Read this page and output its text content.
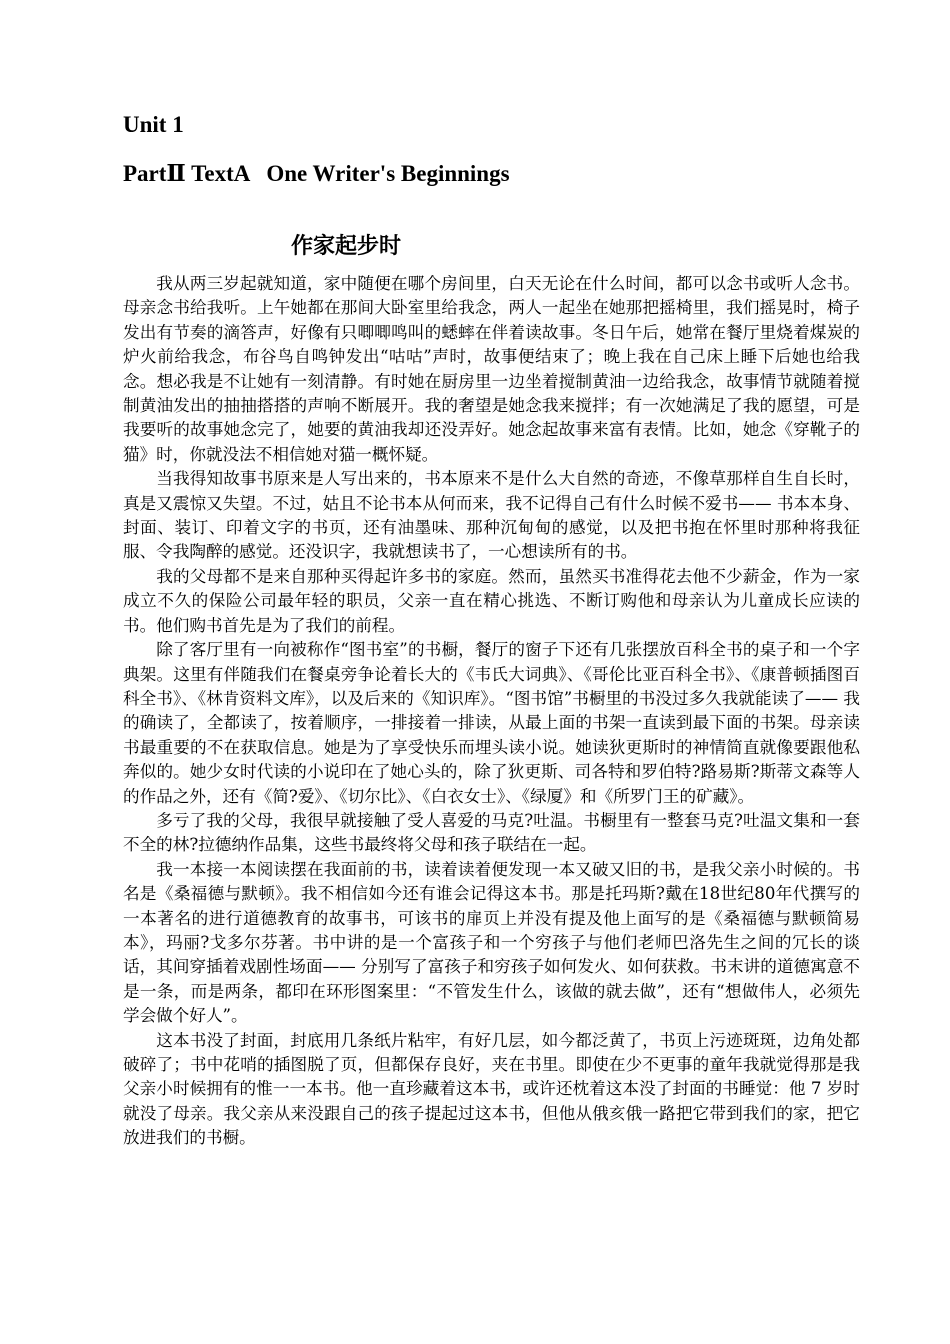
Unit 1
PartⅡ TextA   One Writer's Beginnings
作家起步时

我从两三岁起就知道，家中随便在哪个房间里，白天无论在什么时间，都可以念书或听人念书。母亲念书给我听。上午她都在那间大卧室里给我念，两人一起坐在她那把摇椅里，我们摇晃时，椅子发出有节奏的滴答声，好像有只唧唧鸣叫的蟋蟀在伴着读故事。冬日午后，她常在餐厅里烧着煤炭的炉火前给我念，布谷鸟自鸣钟发出“咕咕”声时，故事便结束了；晚上我在自己床上睡下后她也给我念。想必我是不让她有一刻清静。有时她在厨房里一边坐着搅制黄油一边给我念，故事情节就随着搅制黄油发出的抽抽搭搭的声响不断展开。我的奢望是她念我来搅拌；有一次她满足了我的愿望，可是我要听的故事她念完了，她要的黄油我却还没弄好。她念起故事来富有表情。比如，她念《穿靴子的猫》时，你就没法不相信她对猫一概怀疑。

当我得知故事书原来是人写出来的，书本原来不是什么大自然的奇迹，不像草那样自生自长时，真是又震惊又失望。不过，姑且不论书本从何而来，我不记得自己有什么时候不爱书—— 书本本身、封面、装订、印着文字的书页，还有油墨味、那种沉甸甸的感觉，以及把书抱在怀里时那种将我征服、令我陶醉的感觉。还没识字，我就想读书了，一心想读所有的书。

我的父母都不是来自那种买得起许多书的家庭。然而，虽然买书准得花去他不少薪金，作为一家成立不久的保险公司最年轻的职员，父亲一直在精心挑选、不断订购他和母亲认为儿童成长应读的书。他们购书首先是为了我们的前程。

除了客厅里有一向被称作“图书室”的书橱，餐厅的窗子下还有几张摆放百科全书的桌子和一个字典架。这里有伴随我们在餐桌旁争论着长大的《韦氏大词典》、《哥伦比亚百科全书》、《康普顿插图百科全书》、《林肯资料文库》，以及后来的《知识库》。“图书馆”书橱里的书没过多久我就能读了—— 我的确读了，全都读了，按着顺序，一排接着一排读，从最上面的书架一直读到最下面的书架。母亲读书最重要的不在获取信息。她是为了享受快乐而埋头读小说。她读狄更斯时的神情简直就像要跟他私奔似的。她少女时代读的小说印在了她心头的，除了狄更斯、司各特和罗伯特?路易斯?斯蒂文森等人的作品之外，还有《简?爱》、《切尔比》、《白衣女士》、《绿厦》和《所罗门王的矿藏》。

多亏了我的父母，我很早就接触了受人喜爱的马克?吐温。书橱里有一整套马克?吐温文集和一套不全的林?拉德纳作品集，这些书最终将父母和孩子联结在一起。

我一本接一本阅读摆在我面前的书，读着读着便发现一本又破又旧的书，是我父亲小时候的。书名是《桑福德与默顿》。我不相信如今还有谁会记得这本书。那是托玛斯?戴在18世纪80年代撰写的一本著名的进行道德教育的故事书，可该书的扉页上并没有提及他上面写的是《桑福德与默顿简易本》，玛丽?戈多尔芬著。书中讲的是一个富孩子和一个穷孩子与他们老师巴洛先生之间的冗长的谈话，其间穿插着戏剧性场面—— 分别写了富孩子和穷孩子如何发火、如何获救。书末讲的道德寓意不是一条，而是两条，都印在环形图案里：“不管发生什么，该做的就去做”，还有“想做伟人，必须先学会做个好人”。

这本书没了封面，封底用几条纸片粘牢，有好几层，如今都泛黄了，书页上污迹斑斑，边角处都破碎了；书中花哨的插图脱了页，但都保存良好，夹在书里。即使在少不更事的童年我就觉得那是我父亲小时候拥有的惟一一本书。他一直珍藏着这本书，或许还枕着这本没了封面的书睡觉：他 7 岁时就没了母亲。我父亲从来没跟自己的孩子提起过这本书，但他从俄亥俄一路把它带到我们的家，把它放进我们的书橱。
